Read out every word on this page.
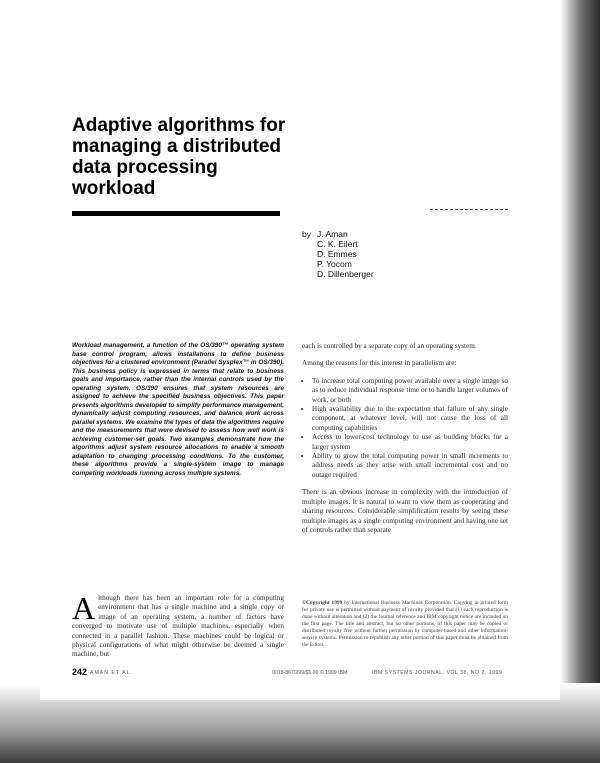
Adaptive algorithms for
managing a distributed
data processing
workload
by J. Aman
C. K. Eilert
D. Emmes
P. Yocom
D. Dillenberger

Workload management, a function of the OS/390™ operating system base control program, allows installations to define business objectives for a clustered environment (Parallel Sysplex™ in OS/390). This business policy is expressed in terms that relate to business goals and importance, rather than the internal controls used by the operating system. OS/390 ensures that system resources are assigned to achieve the specified business objectives. This paper presents algorithms developed to simplify performance management, dynamically adjust computing resources, and balance work across parallel systems. We examine the types of data the algorithms require and the measurements that were devised to assess how well work is achieving customer-set goals. Two examples demonstrate how the algorithms adjust system resource allocations to enable a smooth adaptation to changing processing conditions. To the customer, these algorithms provide a single-system image to manage competing workloads running across multiple systems.

Although there has been an important role for a computing environment that has a single machine and a single copy or image of an operating system, a number of factors have converged to motivate use of multiple machines, especially when connected in a parallel fashion. These machines could be logical or physical configurations of what might otherwise be deemed a single machine, but

each is controlled by a separate copy of an operating system.

Among the reasons for this interest in parallelism are:

• To increase total computing power available over a single image so as to reduce individual response time or to handle larger volumes of work, or both
• High availability due to the expectation that failure of any single component, at whatever level, will not cause the loss of all computing capabilities
• Access to lower-cost technology to use as building blocks for a larger system
• Ability to grow the total computing power in small increments to address needs as they arise with small incremental cost and no outage required

There is an obvious increase in complexity with the introduction of multiple images. It is natural to want to view them as cooperating and sharing resources. Considerable simplification results by seeing these multiple images as a single computing environment and having one set of controls rather than separate

©Copyright 1999 by International Business Machines Corporation. Copying in printed form for private use is permitted without payment of royalty provided that (1) each reproduction is done without alteration and (2) the Journal reference and IBM copyright notice are included on the first page. The title and abstract, but no other portions, of this paper may be copied or distributed royalty free without further permission by computer-based and other information-service systems. Permission to republish any other portion of this paper must be obtained from the Editor.

242 AMAN ET AL.	0018-8670/99/$5.00 © 1999 IBM	IBM SYSTEMS JOURNAL, VOL 38, NO 2, 1999
